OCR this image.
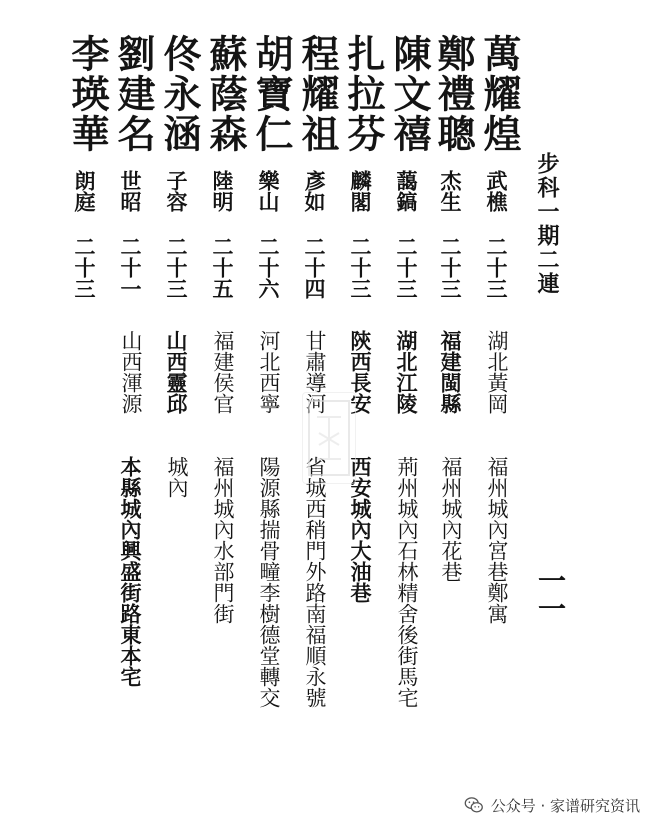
一一
步科一期二連
萬耀煌
武樵
二十三
湖北黃岡
福州城內宮巷鄭寓
鄭禮聰
杰生
二十三
福建閩縣
福州城內花巷
陳文禧
藹鎬
二十三
湖北江陵
荊州城內石林精舍後街馬宅
扎拉芬
麟閣
二十三
陝西長安
西安城內大油巷
程耀祖
彥如
二十四
甘肅導河
省城西稍門外路南福順永號
胡寶仁
樂山
二十六
河北西寧
陽源縣揣骨疃李樹德堂轉交
蘇蔭森
陸明
二十五
福建侯官
福州城內水部門街
佟永涵
子容
二十三
山西靈邱
城內
劉建名
世昭
二十一
山西渾源
本縣城內興盛街路東本宅
李瑛華
朗庭
二十三
公众号 · 家谱研究资讯
